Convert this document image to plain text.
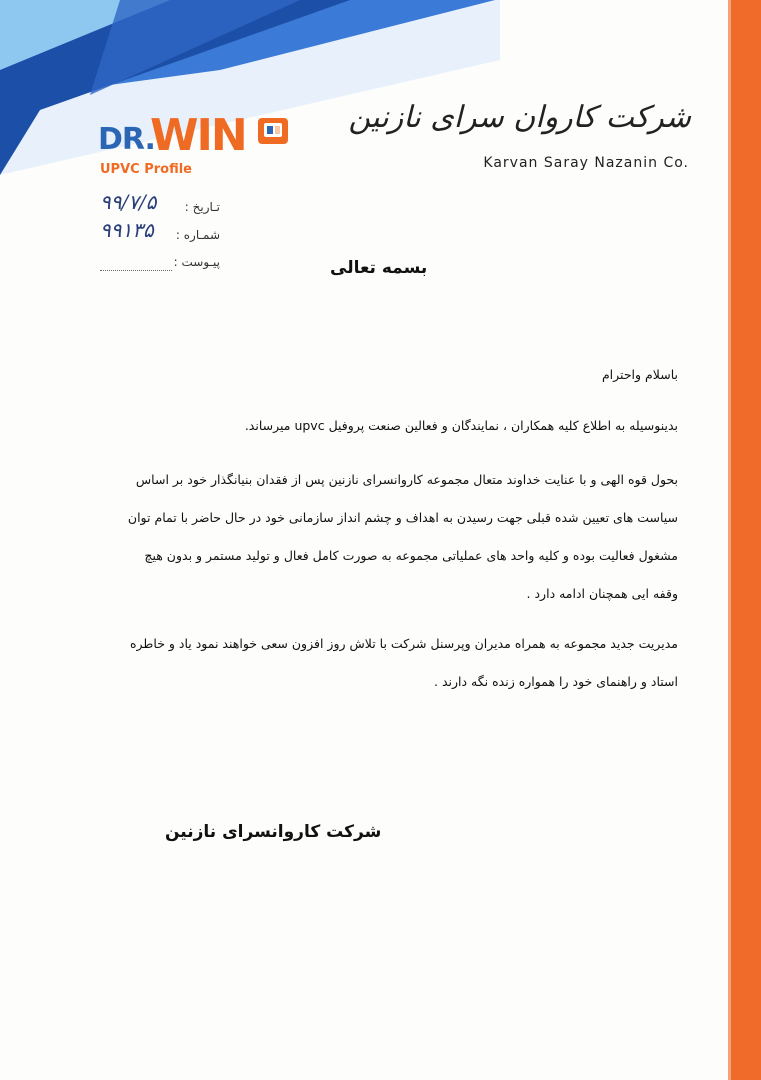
DR.
WIN
UPVC Profile
شرکت کاروان سرای نازنین
Karvan Saray Nazanin Co.
۹۹/۷/۵ تـاریخ :
۹۹۱۳۵ شمـاره :
پیـوست :	بسمه تعالی
باسلام واحترام
بدینوسیله به اطلاع کلیه همکاران ، نمایندگان و فعالین صنعت پروفیل upvc میرساند.
بحول قوه الهی و با عنایت خداوند متعال مجموعه کاروانسرای نازنین پس از فقدان بنیانگذار خود بر اساس
سیاست های تعیین شده قبلی جهت رسیدن به اهداف و چشم انداز سازمانی خود در حال حاضر با تمام توان
مشغول فعالیت بوده و کلیه واحد های عملیاتی مجموعه به صورت کامل فعال و تولید مستمر و بدون هیچ
وقفه ایی همچنان ادامه دارد .
مدیریت جدید مجموعه به همراه مدیران وپرسنل شرکت با تلاش روز افزون سعی خواهند نمود یاد و خاطره
استاد و راهنمای خود را همواره زنده نگه دارند .
شرکت کاروانسرای نازنین
